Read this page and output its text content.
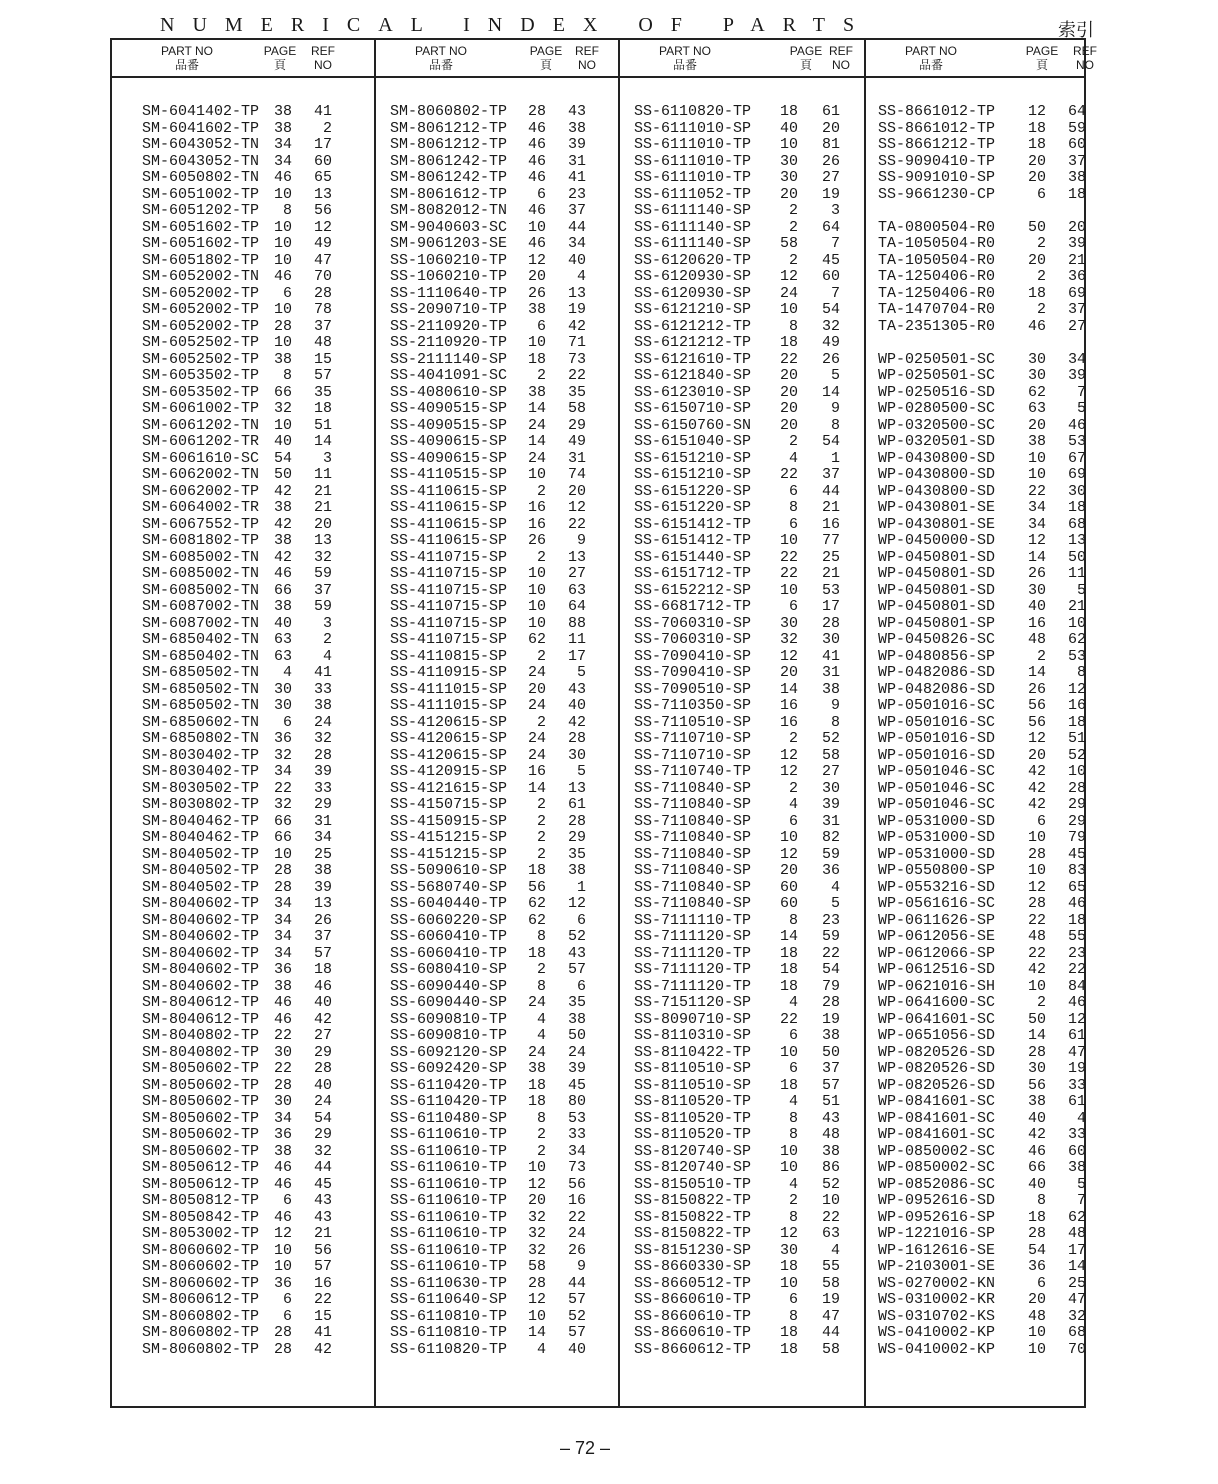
NUMERICAL INDEX OF PARTS	索引
PART NO
品番
PAGE
頁
REF
NO
SM-6041402-TP 38	41
SM-6041602-TP 38	2
SM-6043052-TN 34	17
SM-6043052-TN 34	60
SM-6050802-TN 46	65
SM-6051002-TP 10	13
SM-6051202-TP	8	56
SM-6051602-TP 10	12
SM-6051602-TP 10	49
SM-6051802-TP 10	47
SM-6052002-TN 46	70
SM-6052002-TP	6	28
SM-6052002-TP 10	78
SM-6052002-TP 28	37
SM-6052502-TP 10	48
SM-6052502-TP 38	15
SM-6053502-TP	8	57
SM-6053502-TP 66	35
SM-6061002-TP 32	18
SM-6061202-TN 10	51
SM-6061202-TR 40	14
SM-6061610-SC 54	3
SM-6062002-TN 50	11
SM-6062002-TP 42	21
SM-6064002-TR 38	21
SM-6067552-TP 42	20
SM-6081802-TP 38	13
SM-6085002-TN 42	32
SM-6085002-TN 46	59
SM-6085002-TN 66	37
SM-6087002-TN 38	59
SM-6087002-TN 40	3
SM-6850402-TN 63	2
SM-6850402-TN 63	4
SM-6850502-TN	4	41
SM-6850502-TN 30	33
SM-6850502-TN 30	38
SM-6850602-TN	6	24
SM-6850802-TN 36	32
SM-8030402-TP 32	28
SM-8030402-TP 34	39
SM-8030502-TP 22	33
SM-8030802-TP 32	29
SM-8040462-TP 66	31
SM-8040462-TP 66	34
SM-8040502-TP 10	25
SM-8040502-TP 28	38
SM-8040502-TP 28	39
SM-8040602-TP 34	13
SM-8040602-TP 34	26
SM-8040602-TP 34	37
SM-8040602-TP 34	57
SM-8040602-TP 36	18
SM-8040602-TP 38	46
SM-8040612-TP 46	40
SM-8040612-TP 46	42
SM-8040802-TP 22	27
SM-8040802-TP 30	29
SM-8050602-TP 22	28
SM-8050602-TP 28	40
SM-8050602-TP 30	24
SM-8050602-TP 34	54
SM-8050602-TP 36	29
SM-8050602-TP 38	32
SM-8050612-TP 46	44
SM-8050612-TP 46	45
SM-8050812-TP	6	43
SM-8050842-TP 46	43
SM-8053002-TP 12	21
SM-8060602-TP 10	56
SM-8060602-TP 10	57
SM-8060602-TP 36	16
SM-8060612-TP	6	22
SM-8060802-TP	6	15
SM-8060802-TP 28	41
SM-8060802-TP 28	42
PART NO
品番
PAGE
頁
REF
NO
SM-8060802-TP	28	43
SM-8061212-TP	46	38
SM-8061212-TP	46	39
SM-8061242-TP	46	31
SM-8061242-TP	46	41
SM-8061612-TP	6	23
SM-8082012-TN	46	37
SM-9040603-SC	10	44
SM-9061203-SE	46	34
SS-1060210-TP	12	40
SS-1060210-TP	20	4
SS-1110640-TP	26	13
SS-2090710-TP	38	19
SS-2110920-TP	6	42
SS-2110920-TP	10	71
SS-2111140-SP	18	73
SS-4041091-SC	2	22
SS-4080610-SP	38	35
SS-4090515-SP	14	58
SS-4090515-SP	24	29
SS-4090615-SP	14	49
SS-4090615-SP	24	31
SS-4110515-SP	10	74
SS-4110615-SP	2	20
SS-4110615-SP	16	12
SS-4110615-SP	16	22
SS-4110615-SP	26	9
SS-4110715-SP	2	13
SS-4110715-SP	10	27
SS-4110715-SP	10	63
SS-4110715-SP	10	64
SS-4110715-SP	10	88
SS-4110715-SP	62	11
SS-4110815-SP	2	17
SS-4110915-SP	24	5
SS-4111015-SP	20	43
SS-4111015-SP	24	40
SS-4120615-SP	2	42
SS-4120615-SP	24	28
SS-4120615-SP	24	30
SS-4120915-SP	16	5
SS-4121615-SP	14	13
SS-4150715-SP	2	61
SS-4150915-SP	2	28
SS-4151215-SP	2	29
SS-4151215-SP	2	35
SS-5090610-SP	18	38
SS-5680740-SP	56	1
SS-6040440-TP	62	12
SS-6060220-SP	62	6
SS-6060410-TP	8	52
SS-6060410-TP	18	43
SS-6080410-SP	2	57
SS-6090440-SP	8	6
SS-6090440-SP	24	35
SS-6090810-TP	4	38
SS-6090810-TP	4	50
SS-6092120-SP	24	24
SS-6092420-SP	38	39
SS-6110420-TP	18	45
SS-6110420-TP	18	80
SS-6110480-SP	8	53
SS-6110610-TP	2	33
SS-6110610-TP	2	34
SS-6110610-TP	10	73
SS-6110610-TP	12	56
SS-6110610-TP	20	16
SS-6110610-TP	32	22
SS-6110610-TP	32	24
SS-6110610-TP	32	26
SS-6110610-TP	58	9
SS-6110630-TP	28	44
SS-6110640-SP	12	57
SS-6110810-TP	10	52
SS-6110810-TP	14	57
SS-6110820-TP	4	40
PART NO
品番
PAGE
頁
REF
NO
SS-6110820-TP	18	61
SS-6111010-SP	40	20
SS-6111010-TP	10	81
SS-6111010-TP	30	26
SS-6111010-TP	30	27
SS-6111052-TP	20	19
SS-6111140-SP	2	3
SS-6111140-SP	2	64
SS-6111140-SP	58	7
SS-6120620-TP	2	45
SS-6120930-SP	12	60
SS-6120930-SP	24	7
SS-6121210-SP	10	54
SS-6121212-TP	8	32
SS-6121212-TP	18	49
SS-6121610-TP	22	26
SS-6121840-SP	20	5
SS-6123010-SP	20	14
SS-6150710-SP	20	9
SS-6150760-SN	20	8
SS-6151040-SP	2	54
SS-6151210-SP	4	1
SS-6151210-SP	22	37
SS-6151220-SP	6	44
SS-6151220-SP	8	21
SS-6151412-TP	6	16
SS-6151412-TP	10	77
SS-6151440-SP	22	25
SS-6151712-TP	22	21
SS-6152212-SP	10	53
SS-6681712-TP	6	17
SS-7060310-SP	30	28
SS-7060310-SP	32	30
SS-7090410-SP	12	41
SS-7090410-SP	20	31
SS-7090510-SP	14	38
SS-7110350-SP	16	9
SS-7110510-SP	16	8
SS-7110710-SP	2	52
SS-7110710-SP	12	58
SS-7110740-TP	12	27
SS-7110840-SP	2	30
SS-7110840-SP	4	39
SS-7110840-SP	6	31
SS-7110840-SP	10	82
SS-7110840-SP	12	59
SS-7110840-SP	20	36
SS-7110840-SP	60	4
SS-7110840-SP	60	5
SS-7111110-TP	8	23
SS-7111120-SP	14	59
SS-7111120-TP	18	22
SS-7111120-TP	18	54
SS-7111120-TP	18	79
SS-7151120-SP	4	28
SS-8090710-SP	22	19
SS-8110310-SP	6	38
SS-8110422-TP	10	50
SS-8110510-SP	6	37
SS-8110510-SP	18	57
SS-8110520-TP	4	51
SS-8110520-TP	8	43
SS-8110520-TP	8	48
SS-8120740-SP	10	38
SS-8120740-SP	10	86
SS-8150510-TP	4	52
SS-8150822-TP	2	10
SS-8150822-TP	8	22
SS-8150822-TP	12	63
SS-8151230-SP	30	4
SS-8660330-SP	18	55
SS-8660512-TP	10	58
SS-8660610-TP	6	19
SS-8660610-TP	8	47
SS-8660610-TP	18	44
SS-8660612-TP	18	58
PART NO
品番
PAGE
頁
REF
NO
SS-8661012-TP	12	64
SS-8661012-TP	18	59
SS-8661212-TP	18	60
SS-9090410-TP	20	37
SS-9091010-SP	20	38
SS-9661230-CP	6	18
TA-0800504-R0	50	20
TA-1050504-R0	2	39
TA-1050504-R0	20	21
TA-1250406-R0	2	36
TA-1250406-R0	18	69
TA-1470704-R0	2	37
TA-2351305-R0	46	27
WP-0250501-SC	30	34
WP-0250501-SC	30	39
WP-0250516-SD	62	7
WP-0280500-SC	63	5
WP-0320500-SC	20	46
WP-0320501-SD	38	53
WP-0430800-SD	10	67
WP-0430800-SD	10	69
WP-0430800-SD	22	30
WP-0430801-SE	34	18
WP-0430801-SE	34	68
WP-0450000-SD	12	13
WP-0450801-SD	14	50
WP-0450801-SD	26	11
WP-0450801-SD	30	5
WP-0450801-SD	40	21
WP-0450801-SP	16	10
WP-0450826-SC	48	62
WP-0480856-SP	2	53
WP-0482086-SD	14	8
WP-0482086-SD	26	12
WP-0501016-SC	56	16
WP-0501016-SC	56	18
WP-0501016-SD	12	51
WP-0501016-SD	20	52
WP-0501046-SC	42	10
WP-0501046-SC	42	28
WP-0501046-SC	42	29
WP-0531000-SD	6	29
WP-0531000-SD	10	79
WP-0531000-SD	28	45
WP-0550800-SP	10	83
WP-0553216-SD	12	65
WP-0561616-SC	28	46
WP-0611626-SP	22	18
WP-0612056-SE	48	55
WP-0612066-SP	22	23
WP-0612516-SD	42	22
WP-0621016-SH	10	84
WP-0641600-SC	2	46
WP-0641601-SC	50	12
WP-0651056-SD	14	61
WP-0820526-SD	28	47
WP-0820526-SD	30	19
WP-0820526-SD	56	33
WP-0841601-SC	38	61
WP-0841601-SC	40	4
WP-0841601-SC	42	33
WP-0850002-SC	46	60
WP-0850002-SC	66	38
WP-0852086-SC	40	5
WP-0952616-SD	8	7
WP-0952616-SP	18	62
WP-1221016-SP	28	48
WP-1612616-SE	54	17
WP-2103001-SE	36	14
WS-0270002-KN	6	25
WS-0310002-KR	20	47
WS-0310702-KS	48	32
WS-0410002-KP	10	68
WS-0410002-KP	10	70
– 72 –
